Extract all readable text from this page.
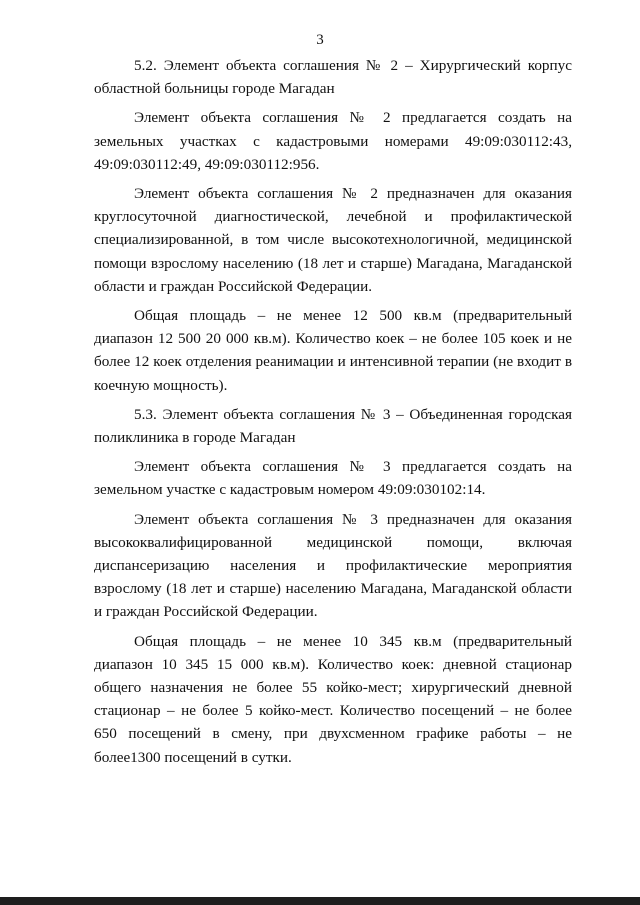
3

5.2. Элемент объекта соглашения № 2 – Хирургический корпус областной больницы городе Магадан

Элемент объекта соглашения № 2 предлагается создать на земельных участках с кадастровыми номерами 49:09:030112:43, 49:09:030112:49, 49:09:030112:956.

Элемент объекта соглашения № 2 предназначен для оказания круглосуточной диагностической, лечебной и профилактической специализированной, в том числе высокотехнологичной, медицинской помощи взрослому населению (18 лет и старше) Магадана, Магаданской области и граждан Российской Федерации.

Общая площадь – не менее 12 500 кв.м (предварительный диапазон 12 500 20 000 кв.м). Количество коек – не более 105 коек и не более 12 коек отделения реанимации и интенсивной терапии (не входит в коечную мощность).

5.3. Элемент объекта соглашения № 3 – Объединенная городская поликлиника в городе Магадан

Элемент объекта соглашения № 3 предлагается создать на земельном участке с кадастровым номером 49:09:030102:14.

Элемент объекта соглашения № 3 предназначен для оказания высококвалифицированной медицинской помощи, включая диспансеризацию населения и профилактические мероприятия взрослому (18 лет и старше) населению Магадана, Магаданской области и граждан Российской Федерации.

Общая площадь – не менее 10 345 кв.м (предварительный диапазон 10 345 15 000 кв.м). Количество коек: дневной стационар общего назначения не более 55 койко-мест; хирургический дневной стационар – не более 5 койко-мест. Количество посещений – не более 650 посещений в смену, при двухсменном графике работы – не более1300 посещений в сутки.
